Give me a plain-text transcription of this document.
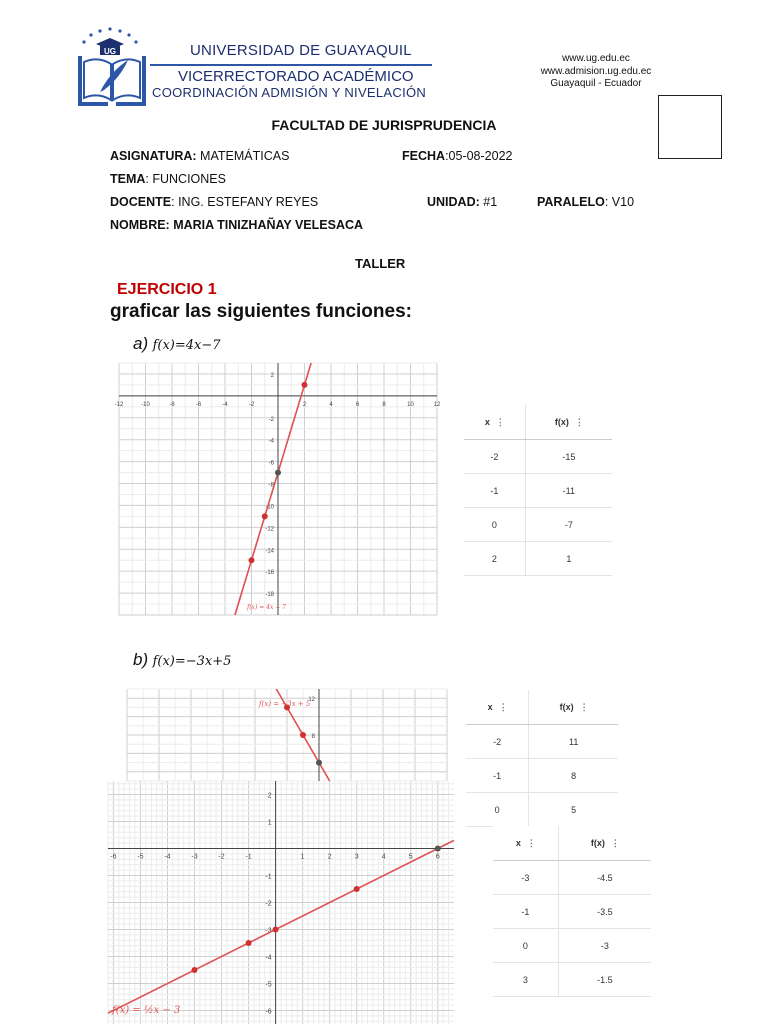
UG	UNIVERSIDAD DE GUAYAQUIL
VICERRECTORADO ACADÉMICO
COORDINACIÓN ADMISIÓN Y NIVELACIÓN
www.ug.edu.ec
www.admision.ug.edu.ec
Guayaquil - Ecuador
FACULTAD DE JURISPRUDENCIA
ASIGNATURA: MATEMÁTICAS	FECHA:05-08-2022
TEMA: FUNCIONES
DOCENTE: ING. ESTEFANY REYES	UNIDAD: #1	PARALELO: V10
NOMBRE: MARIA TINIZHAÑAY VELESACA
TALLER
EJERCICIO 1
graficar las siguientes funciones:
a) f(x)=4x−7
-12	-10	-8	-6	-4	-2	2	4	6	8	10	12
2
-2
-4
-6
-8
-10
-12
-14
-16
-18
f(x) = 4x − 7
x ⋮	f(x) ⋮
-2	-15
-1	-11
0	-7
2	1
b) f(x)=−3x+5
12
8
f(x) = −3x + 5	x ⋮	f(x) ⋮
-2	11
-1	8
0	5
-6	-5	-4	-3	-2	-1	1	2	3	4	5	6
2
1
-1
-2
-3
-4
-5
-6
f(x) = ½x − 3
x ⋮	f(x) ⋮
-3	-4.5
-1	-3.5
0	-3
3	-1.5
